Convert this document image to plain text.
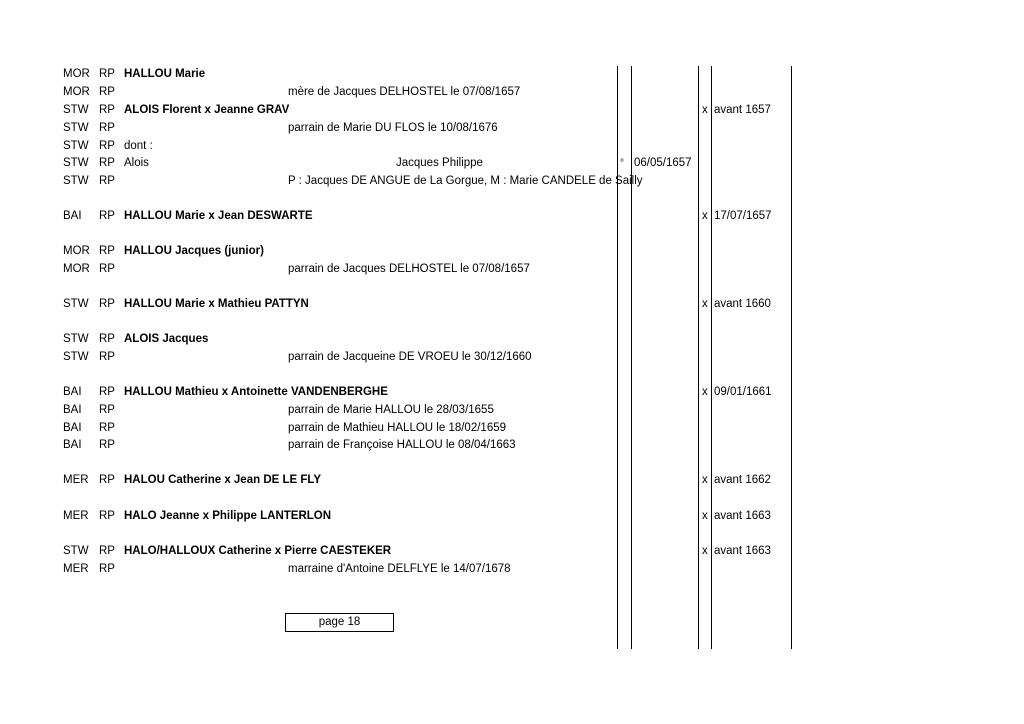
MOR RP HALLOU Marie
MOR RP	mère de Jacques DELHOSTEL le 07/08/1657
STW RP ALOIS Florent x Jeanne GRAV	x avant 1657
STW RP	parrain de Marie DU FLOS le 10/08/1676
STW RP dont :
STW RP Alois	Jacques Philippe	° 06/05/1657
STW RP	P : Jacques DE ANGUE de La Gorgue, M : Marie CANDELE de Sailly
BAI RP HALLOU Marie x Jean DESWARTE	x 17/07/1657
MOR RP HALLOU Jacques (junior)
MOR RP	parrain de Jacques DELHOSTEL le 07/08/1657
STW RP HALLOU Marie x Mathieu PATTYN	x avant 1660
STW RP ALOIS Jacques
STW RP	parrain de Jacqueine DE VROEU le 30/12/1660
BAI RP HALLOU Mathieu x Antoinette VANDENBERGHE	x 09/01/1661
BAI RP	parrain de Marie HALLOU le 28/03/1655
BAI RP	parrain de Mathieu HALLOU le 18/02/1659
BAI RP	parrain de Françoise HALLOU le 08/04/1663
MER RP HALOU Catherine x Jean DE LE FLY	x avant 1662
MER RP HALO Jeanne x Philippe LANTERLON	x avant 1663
STW RP HALO/HALLOUX Catherine x Pierre CAESTEKER	x avant 1663
MER RP	marraine d'Antoine DELFLYE le 14/07/1678
page 18
